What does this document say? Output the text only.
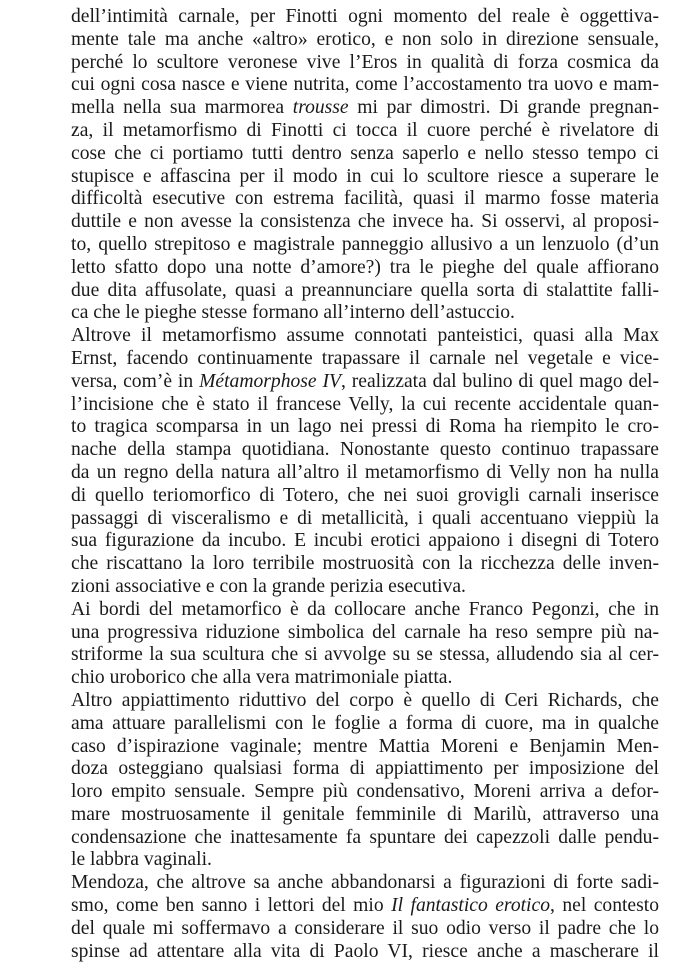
dell’intimità carnale, per Finotti ogni momento del reale è oggettiva-
mente tale ma anche «altro» erotico, e non solo in direzione sensuale,
perché lo scultore veronese vive l’Eros in qualità di forza cosmica da
cui ogni cosa nasce e viene nutrita, come l’accostamento tra uovo e mam-
mella nella sua marmorea trousse mi par dimostri. Di grande pregnan-
za, il metamorfismo di Finotti ci tocca il cuore perché è rivelatore di
cose che ci portiamo tutti dentro senza saperlo e nello stesso tempo ci
stupisce e affascina per il modo in cui lo scultore riesce a superare le
difficoltà esecutive con estrema facilità, quasi il marmo fosse materia
duttile e non avesse la consistenza che invece ha. Si osservi, al proposi-
to, quello strepitoso e magistrale panneggio allusivo a un lenzuolo (d’un
letto sfatto dopo una notte d’amore?) tra le pieghe del quale affiorano
due dita affusolate, quasi a preannunciare quella sorta di stalattite falli-
ca che le pieghe stesse formano all’interno dell’astuccio.
Altrove il metamorfismo assume connotati panteistici, quasi alla Max
Ernst, facendo continuamente trapassare il carnale nel vegetale e vice-
versa, com’è in Métamorphose IV, realizzata dal bulino di quel mago del-
l’incisione che è stato il francese Velly, la cui recente accidentale quan-
to tragica scomparsa in un lago nei pressi di Roma ha riempito le cro-
nache della stampa quotidiana. Nonostante questo continuo trapassare
da un regno della natura all’altro il metamorfismo di Velly non ha nulla
di quello teriomorfico di Totero, che nei suoi grovigli carnali inserisce
passaggi di visceralismo e di metallicità, i quali accentuano vieppiù la
sua figurazione da incubo. E incubi erotici appaiono i disegni di Totero
che riscattano la loro terribile mostruosità con la ricchezza delle inven-
zioni associative e con la grande perizia esecutiva.
Ai bordi del metamorfico è da collocare anche Franco Pegonzi, che in
una progressiva riduzione simbolica del carnale ha reso sempre più na-
striforme la sua scultura che si avvolge su se stessa, alludendo sia al cer-
chio uroborico che alla vera matrimoniale piatta.
Altro appiattimento riduttivo del corpo è quello di Ceri Richards, che
ama attuare parallelismi con le foglie a forma di cuore, ma in qualche
caso d’ispirazione vaginale; mentre Mattia Moreni e Benjamin Men-
doza osteggiano qualsiasi forma di appiattimento per imposizione del
loro empito sensuale. Sempre più condensativo, Moreni arriva a defor-
mare mostruosamente il genitale femminile di Marilù, attraverso una
condensazione che inattesamente fa spuntare dei capezzoli dalle pendu-
le labbra vaginali.
Mendoza, che altrove sa anche abbandonarsi a figurazioni di forte sadi-
smo, come ben sanno i lettori del mio Il fantastico erotico, nel contesto
del quale mi soffermavo a considerare il suo odio verso il padre che lo
spinse ad attentare alla vita di Paolo VI, riesce anche a mascherare il
